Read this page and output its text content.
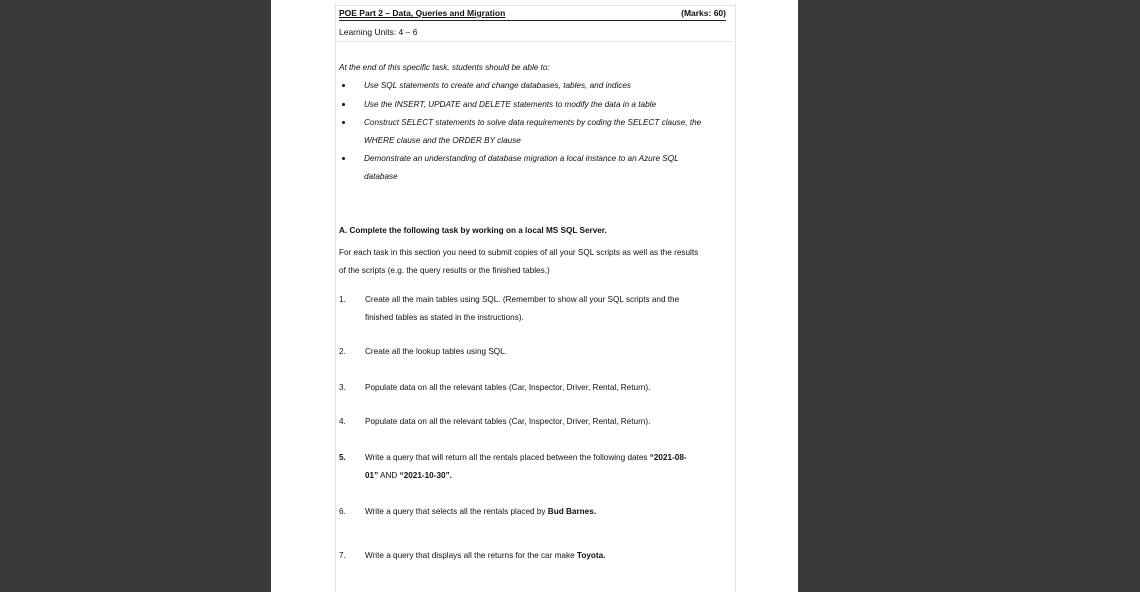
POE Part 2 – Data, Queries and Migration	(Marks: 60)
Learning Units: 4 – 6
At the end of this specific task, students should be able to:
Use SQL statements to create and change databases, tables, and indices
Use the INSERT, UPDATE and DELETE statements to modify the data in a table
Construct SELECT statements to solve data requirements by coding the SELECT clause, the
WHERE clause and the ORDER BY clause
Demonstrate an understanding of database migration a local instance to an Azure SQL
database
A. Complete the following task by working on a local MS SQL Server.
For each task in this section you need to submit copies of all your SQL scripts as well as the results
of the scripts (e.g. the query results or the finished tables.)
1. Create all the main tables using SQL. (Remember to show all your SQL scripts and the
finished tables as stated in the instructions).
2. Create all the lookup tables using SQL.
3. Populate data on all the relevant tables (Car, Inspector, Driver, Rental, Return).
4. Populate data on all the relevant tables (Car, Inspector, Driver, Rental, Return).
5. Write a query that will return all the rentals placed between the following dates “2021-08-
01” AND “2021-10-30”.
6. Write a query that selects all the rentals placed by Bud Barnes.
7. Write a query that displays all the returns for the car make Toyota.
